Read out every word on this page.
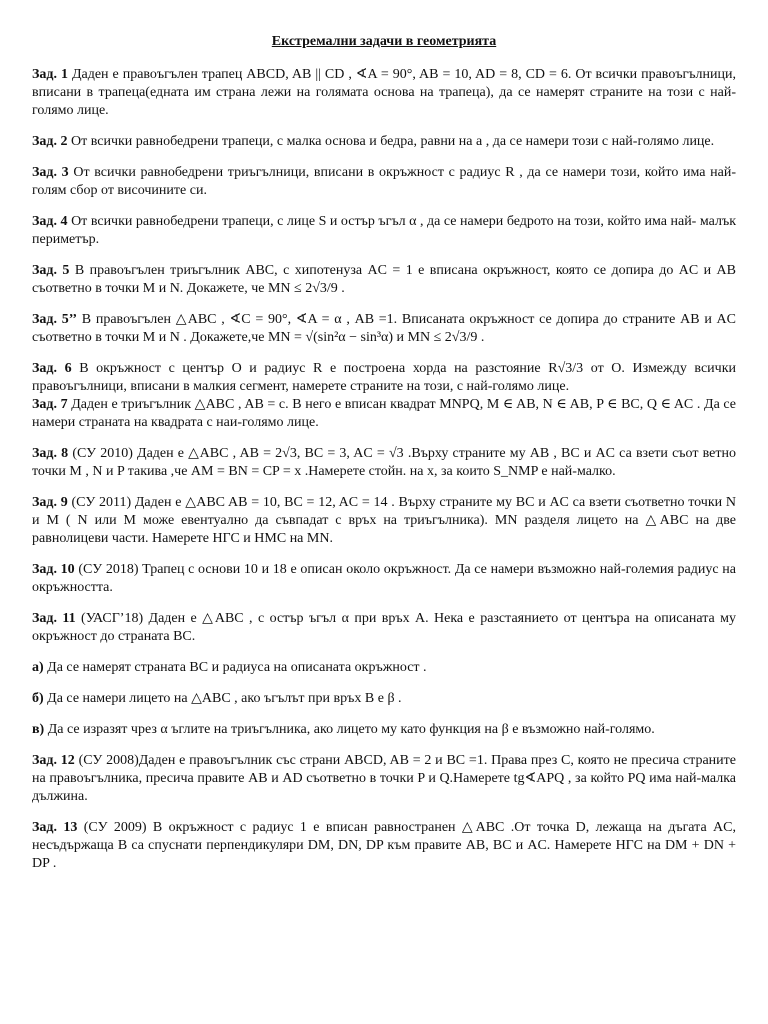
Екстремални задачи в геометрията
Зад. 1 Даден е правоъгълен трапец ABCD, AB || CD , ∢A = 90°, AB = 10, AD = 8, CD = 6. От всички правоъгълници, вписани в трапеца(едната им страна лежи на голямата основа на трапеца), да се намерят страните на този с най-голямо лице.
Зад. 2 От всички равнобедрени трапеци, с малка основа и бедра, равни на a , да се намери този с най-голямо лице.
Зад. 3 От всички равнобедрени триъгълници, вписани в окръжност с радиус R , да се намери този, който има най-голям сбор от височините си.
Зад. 4 От всички равнобедрени трапеци, с лице S и остър ъгъл α , да се намери бедрото на този, който има най- малък периметър.
Зад. 5 В правоъгълен триъгълник ABC, с хипотенуза AC = 1 е вписана окръжност, която се допира до AC и AB съответно в точки M и N. Докажете, че MN ≤ 2√3/9 .
Зад. 5’’ В правоъгълен △ABC , ∢C = 90°, ∢A = α , AB =1. Вписаната окръжност се допира до страните AB и AC съответно в точки M и N . Докажете,че MN = √(sin²α − sin³α) и MN ≤ 2√3/9 .
Зад. 6 В окръжност с център O и радиус R е построена хорда на разстояние R√3/3 от O. Измежду всички правоъгълници, вписани в малкия сегмент, намерете страните на този, с най-голямо лице.
Зад. 7 Даден е триъгълник △ABC , AB = c. В него е вписан квадрат MNPQ, M ∈ AB, N ∈ AB, P ∈ BC, Q ∈ AC . Да се намери страната на квадрата с наи-голямо лице.
Зад. 8 (СУ 2010) Даден е △ABC , AB = 2√3, BC = 3, AC = √3 .Върху страните му AB , BC и AC са взети съот ветно точки M , N и P такива ,че AM = BN = CP = x .Намерете стойн. на x, за които S_NMP е най-малко.
Зад. 9 (СУ 2011) Даден е △ABC AB = 10, BC = 12, AC = 14 . Върху страните му BC и AC са взети съответно точки N и M ( N или M може евентуално да съвпадат с връх на триъгълника). MN разделя лицето на △ABC на две равнолицеви части. Намерете НГС и НМС на MN.
Зад. 10 (СУ 2018) Трапец с основи 10 и 18 е описан около окръжност. Да се намери възможно най-големия радиус на окръжността.
Зад. 11 (УАСГ’18) Даден е △ABC , с остър ъгъл α при връх A. Нека е разстаянието от центъра на описаната му окръжност до страната BC.
а) Да се намерят страната BC и радиуса на описаната окръжност .
б) Да се намери лицето на △ABC , ако ъгълът при връх B е β .
в) Да се изразят чрез α ъглите на триъгълника, ако лицето му като функция на β е възможно най-голямо.
Зад. 12 (СУ 2008)Даден е правоъгълник със страни ABCD, AB = 2 и BC =1. Права през C, която не пресича страните на правоъгълника, пресича правите AB и AD съответно в точки P и Q.Намерете tg∢APQ , за който PQ има най-малка дължина.
Зад. 13 (СУ 2009) В окръжност с радиус 1 е вписан равностранен △ABC .От точка D, лежаща на дъгата AC, несъдържаща B са спуснати перпендикуляри DM, DN, DP към правите AB, BC и AC. Намерете НГС на DM + DN + DP .
